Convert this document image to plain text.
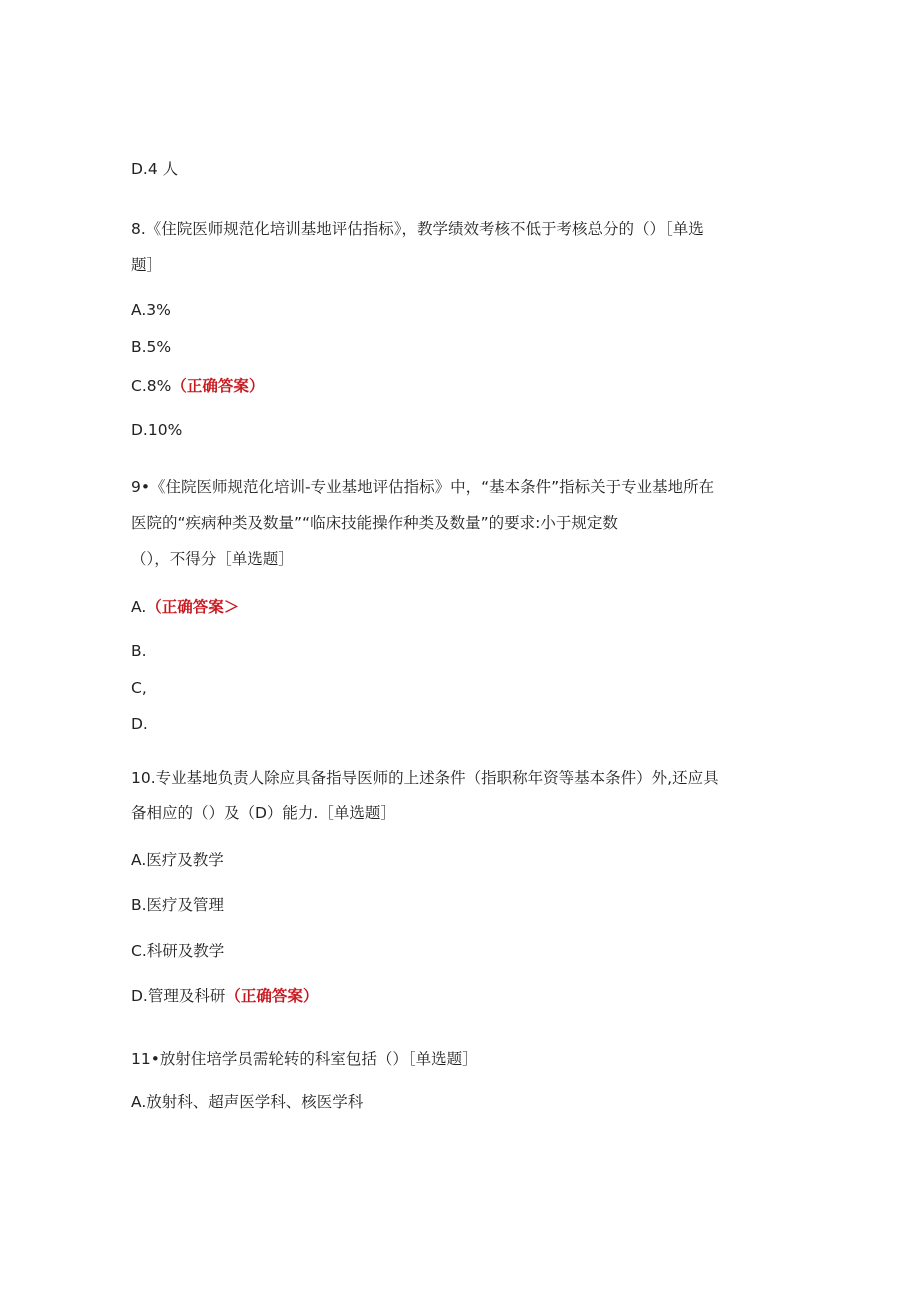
D.4 人
8.《住院医师规范化培训基地评估指标》，教学绩效考核不低于考核总分的（）［单选
题］
A.3%
B.5%
C.8%（正确答案）
D.10%
9•《住院医师规范化培训-专业基地评估指标》中，“基本条件”指标关于专业基地所在
医院的“疾病种类及数量”“临床技能操作种类及数量”的要求:小于规定数
（），不得分［单选题］
A.（正确答案＞
B.
C,
D.
10.专业基地负责人除应具备指导医师的上述条件（指职称年资等基本条件）外,还应具
备相应的（）及（D）能力.［单选题］
A.医疗及教学
B.医疗及管理
C.科研及教学
D.管理及科研（正确答案）
11•放射住培学员需轮转的科室包括（）［单选题］
A.放射科、超声医学科、核医学科
